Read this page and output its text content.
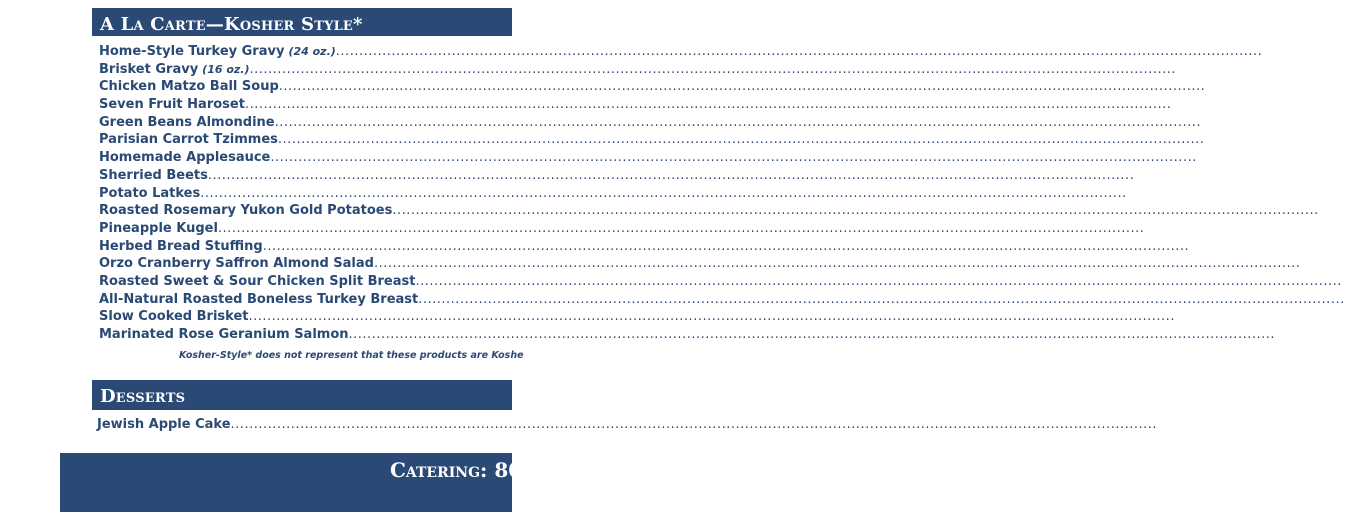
A La Carte—Kosher Style*
Home-Style Turkey Gravy (24 oz.) ........................................................................................................................................................................................................
Brisket Gravy (16 oz.) ........................................................................................................................................................................................................
Chicken Matzo Ball Soup ........................................................................................................................................................................................................
Seven Fruit Haroset ........................................................................................................................................................................................................
Green Beans Almondine ........................................................................................................................................................................................................
Parisian Carrot Tzimmes ........................................................................................................................................................................................................
Homemade Applesauce ........................................................................................................................................................................................................
Sherried Beets ........................................................................................................................................................................................................
Potato Latkes ........................................................................................................................................................................................................
Roasted Rosemary Yukon Gold Potatoes ........................................................................................................................................................................................................
Pineapple Kugel ........................................................................................................................................................................................................
Herbed Bread Stuffing ........................................................................................................................................................................................................
Orzo Cranberry Saffron Almond Salad ........................................................................................................................................................................................................
Roasted Sweet & Sour Chicken Split Breast ........................................................................................................................................................................................................
All-Natural Roasted Boneless Turkey Breast ........................................................................................................................................................................................................
Slow Cooked Brisket ........................................................................................................................................................................................................
Marinated Rose Geranium Salmon ........................................................................................................................................................................................................
Kosher-Style* does not represent that these products are Koshe
Desserts
Jewish Apple Cake ........................................................................................................................................................................................................
Catering: 80
